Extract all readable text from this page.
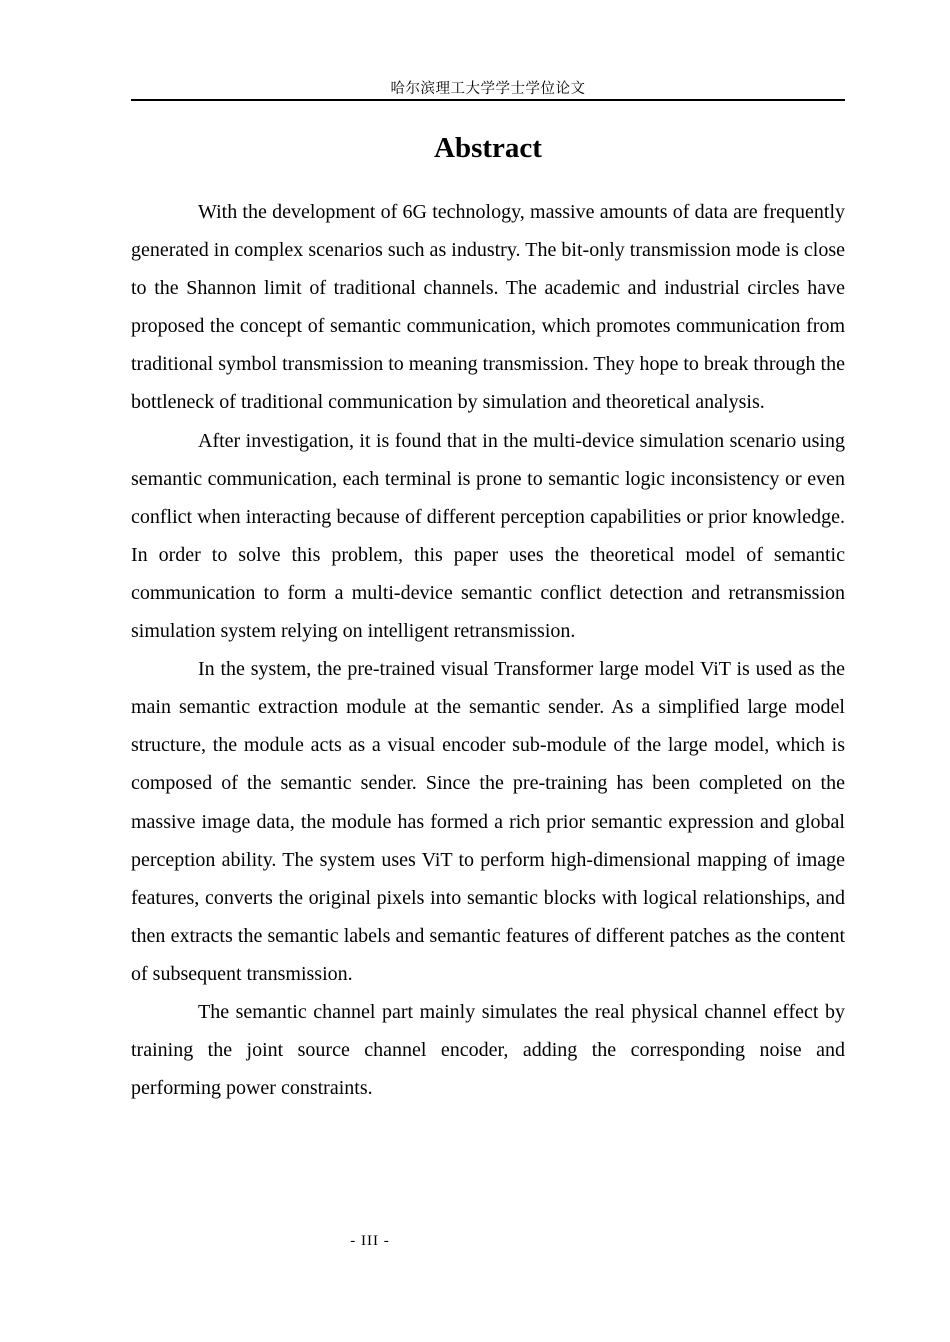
哈尔滨理工大学学士学位论文
Abstract

With the development of 6G technology, massive amounts of data are frequently generated in complex scenarios such as industry. The bit-only transmission mode is close to the Shannon limit of traditional channels. The academic and industrial circles have proposed the concept of semantic communication, which promotes communication from traditional symbol transmission to meaning transmission. They hope to break through the bottleneck of traditional communication by simulation and theoretical analysis.

After investigation, it is found that in the multi-device simulation scenario using semantic communication, each terminal is prone to semantic logic inconsistency or even conflict when interacting because of different perception capabilities or prior knowledge. In order to solve this problem, this paper uses the theoretical model of semantic communication to form a multi-device semantic conflict detection and retransmission simulation system relying on intelligent retransmission.

In the system, the pre-trained visual Transformer large model ViT is used as the main semantic extraction module at the semantic sender. As a simplified large model structure, the module acts as a visual encoder sub-module of the large model, which is composed of the semantic sender. Since the pre-training has been completed on the massive image data, the module has formed a rich prior semantic expression and global perception ability. The system uses ViT to perform high-dimensional mapping of image features, converts the original pixels into semantic blocks with logical relationships, and then extracts the semantic labels and semantic features of different patches as the content of subsequent transmission.

The semantic channel part mainly simulates the real physical channel effect by training the joint source channel encoder, adding the corresponding noise and performing power constraints.

- III -
